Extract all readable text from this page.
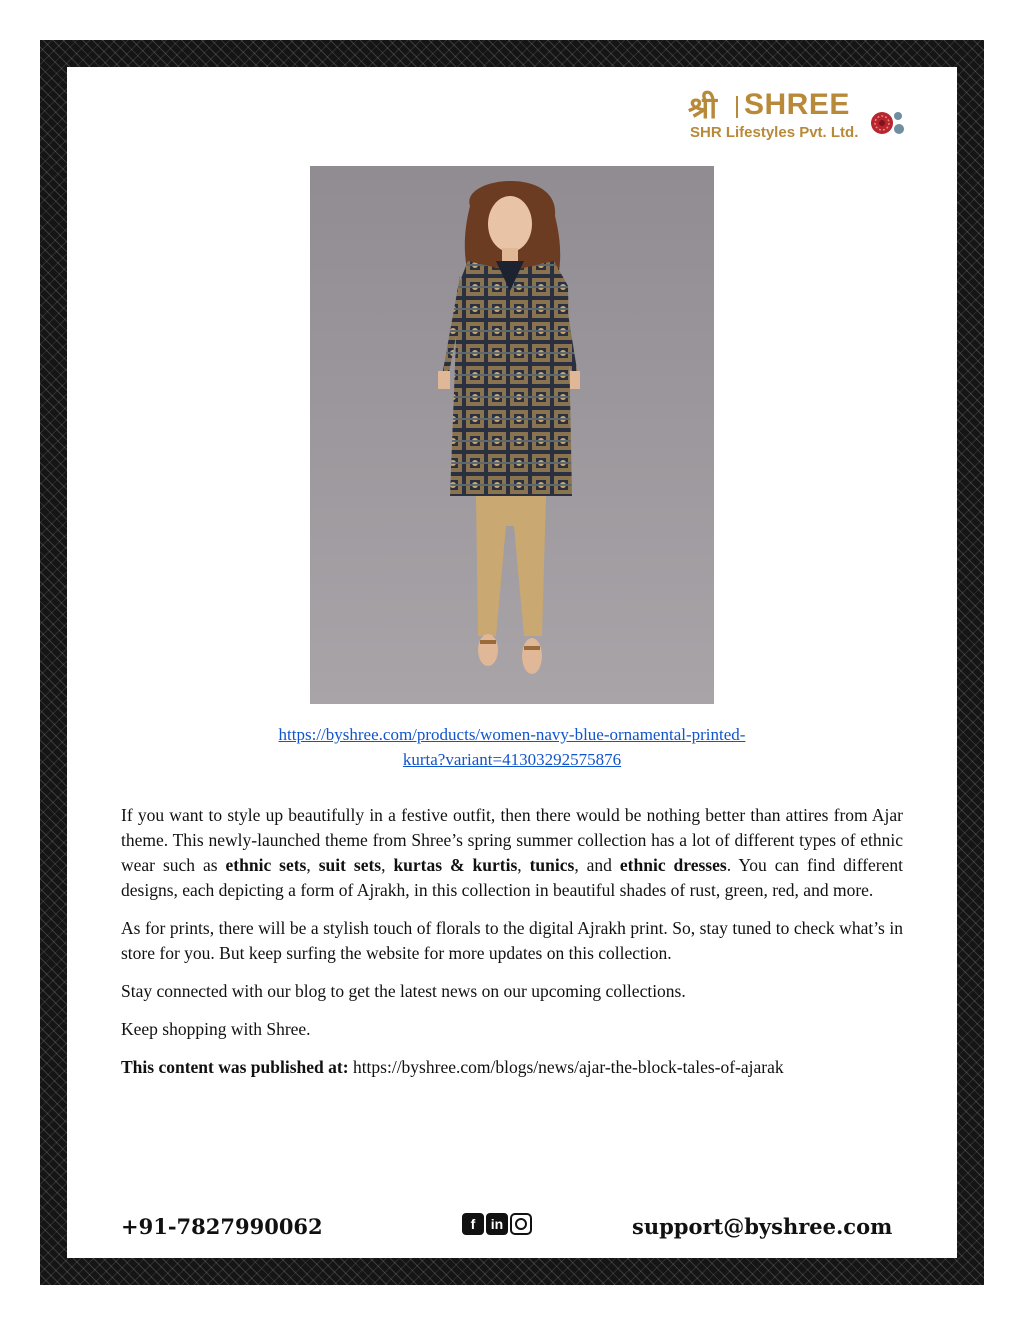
श्री SHREE
SHR Lifestyles Pvt. Ltd.
https://byshree.com/products/women-navy-blue-ornamental-printed-
kurta?variant=41303292575876

If you want to style up beautifully in a festive outfit, then there would be nothing better than attires from Ajar theme. This newly-launched theme from Shree’s spring summer collection has a lot of different types of ethnic wear such as ethnic sets, suit sets, kurtas & kurtis, tunics, and ethnic dresses. You can find different designs, each depicting a form of Ajrakh, in this collection in beautiful shades of rust, green, red, and more.

As for prints, there will be a stylish touch of florals to the digital Ajrakh print. So, stay tuned to check what’s in store for you. But keep surfing the website for more updates on this collection.

Stay connected with our blog to get the latest news on our upcoming collections.

Keep shopping with Shree.

This content was published at: https://byshree.com/blogs/news/ajar-the-block-tales-of-ajarak

+91-7827990062	f	in	support@byshree.com
